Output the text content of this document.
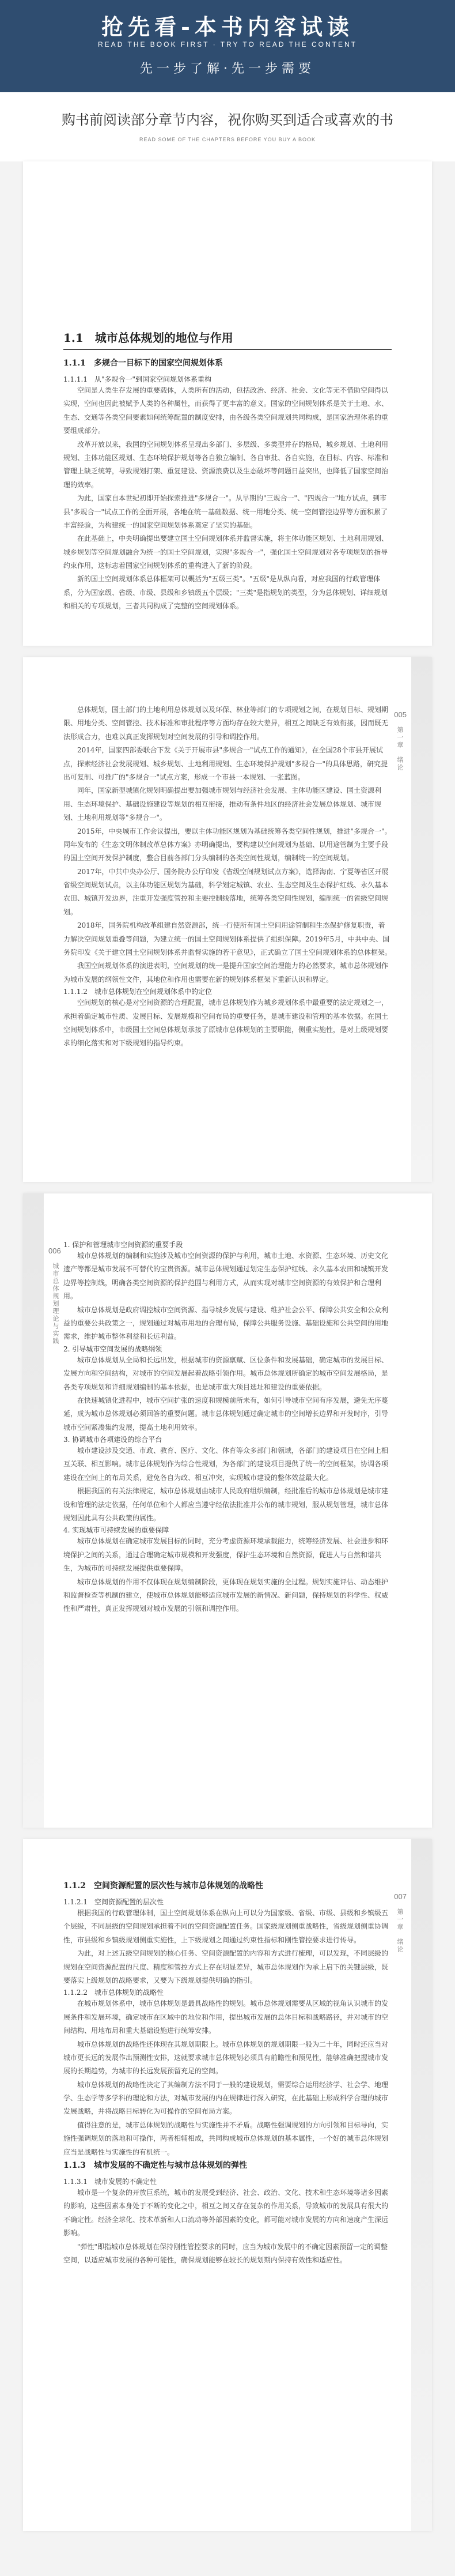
抢先看-本书内容试读
READ THE BOOK FIRST · TRY TO READ THE CONTENT
先一步了解·先一步需要
购书前阅读部分章节内容，祝你购买到适合或喜欢的书
READ SOME OF THE CHAPTERS BEFORE YOU BUY A BOOK

1.1　城市总体规划的地位与作用

1.1.1　多规合一目标下的国家空间规划体系

1.1.1.1　从"多规合一"到国家空间规划体系重构

空间是人类生存发展的重要载体，人类所有的活动，包括政治、经济、社会、文化等无不借助空间得以实现，空间也因此被赋予人类的各种属性，而获得了更丰富的意义。国家的空间规划体系是关于土地、水、生态、交通等各类空间要素如何统筹配置的制度安排，由各级各类空间规划共同构成，是国家治理体系的重要组成部分。

改革开放以来，我国的空间规划体系呈现出多部门、多层级、多类型并存的格局，城乡规划、土地利用规划、主体功能区规划、生态环境保护规划等各自独立编制、各自审批、各自实施，在目标、内容、标准和管理上缺乏统筹，导致规划打架、重复建设、资源浪费以及生态破坏等问题日益突出，也降低了国家空间治理的效率。

为此，国家自本世纪初即开始探索推进"多规合一"。从早期的"三规合一"、"四规合一"地方试点，到市县"多规合一"试点工作的全面开展，各地在统一基础数据、统一用地分类、统一空间管控边界等方面积累了丰富经验，为构建统一的国家空间规划体系奠定了坚实的基础。

在此基础上，中央明确提出要建立国土空间规划体系并监督实施，将主体功能区规划、土地利用规划、城乡规划等空间规划融合为统一的国土空间规划，实现"多规合一"，强化国土空间规划对各专项规划的指导约束作用，这标志着国家空间规划体系的重构进入了新的阶段。

新的国土空间规划体系总体框架可以概括为"五级三类"。"五级"是从纵向看，对应我国的行政管理体系，分为国家级、省级、市级、县级和乡镇级五个层级；"三类"是指规划的类型，分为总体规划、详细规划和相关的专项规划，三者共同构成了完整的空间规划体系。

005
第一章　绪论

总体规划，国土部门的土地利用总体规划以及环保、林业等部门的专项规划之间，在规划目标、规划期限、用地分类、空间管控、技术标准和审批程序等方面均存在较大差异，相互之间缺乏有效衔接，因而既无法形成合力，也难以真正发挥规划对空间发展的引导和调控作用。

2014年，国家四部委联合下发《关于开展市县"多规合一"试点工作的通知》，在全国28个市县开展试点，探索经济社会发展规划、城乡规划、土地利用规划、生态环境保护规划"多规合一"的具体思路，研究提出可复制、可推广的"多规合一"试点方案，形成一个市县一本规划、一张蓝图。

同年，国家新型城镇化规划明确提出要加强城市规划与经济社会发展、主体功能区建设、国土资源利用、生态环境保护、基础设施建设等规划的相互衔接，推动有条件地区的经济社会发展总体规划、城市规划、土地利用规划等"多规合一"。

2015年，中央城市工作会议提出，要以主体功能区规划为基础统筹各类空间性规划，推进"多规合一"。同年发布的《生态文明体制改革总体方案》亦明确提出，要构建以空间规划为基础、以用途管制为主要手段的国土空间开发保护制度，整合目前各部门分头编制的各类空间性规划，编制统一的空间规划。

2017年，中共中央办公厅、国务院办公厅印发《省级空间规划试点方案》，选择海南、宁夏等省区开展省级空间规划试点，以主体功能区规划为基础，科学划定城镇、农业、生态空间及生态保护红线、永久基本农田、城镇开发边界，注重开发强度管控和主要控制线落地，统筹各类空间性规划，编制统一的省级空间规划。

2018年，国务院机构改革组建自然资源部，统一行使所有国土空间用途管制和生态保护修复职责，着力解决空间规划重叠等问题，为建立统一的国土空间规划体系提供了组织保障。2019年5月，中共中央、国务院印发《关于建立国土空间规划体系并监督实施的若干意见》，正式确立了国土空间规划体系的总体框架。

我国空间规划体系的演进表明，空间规划的统一是提升国家空间治理能力的必然要求，城市总体规划作为城市发展的纲领性文件，其地位和作用也需要在新的规划体系框架下重新认识和界定。

1.1.1.2　城市总体规划在空间规划体系中的定位

空间规划的核心是对空间资源的合理配置，城市总体规划作为城乡规划体系中最重要的法定规划之一，承担着确定城市性质、发展目标、发展规模和空间布局的重要任务，是城市建设和管理的基本依据。在国土空间规划体系中，市级国土空间总体规划承接了原城市总体规划的主要职能，侧重实施性，是对上级规划要求的细化落实和对下级规划的指导约束。

006
城市总体规划理论与实践

1. 保护和管理城市空间资源的重要手段

城市总体规划的编制和实施涉及城市空间资源的保护与利用，城市土地、水资源、生态环境、历史文化遗产等都是城市发展不可替代的宝贵资源。城市总体规划通过划定生态保护红线、永久基本农田和城镇开发边界等控制线，明确各类空间资源的保护范围与利用方式，从而实现对城市空间资源的有效保护和合理利用。

城市总体规划是政府调控城市空间资源、指导城乡发展与建设、维护社会公平、保障公共安全和公众利益的重要公共政策之一，规划通过对城市用地的合理布局，保障公共服务设施、基础设施和公共空间的用地需求，维护城市整体利益和长远利益。

2. 引导城市空间发展的战略纲领

城市总体规划从全局和长远出发，根据城市的资源禀赋、区位条件和发展基础，确定城市的发展目标、发展方向和空间结构，对城市的空间发展起着战略引领作用。城市总体规划所确定的城市空间发展格局，是各类专项规划和详细规划编制的基本依据，也是城市重大项目选址和建设的重要依据。

在快速城镇化进程中，城市空间扩张的速度和规模前所未有，如何引导城市空间有序发展，避免无序蔓延，成为城市总体规划必须回答的重要问题。城市总体规划通过确定城市的空间增长边界和开发时序，引导城市空间紧凑集约发展，提高土地利用效率。

3. 协调城市各项建设的综合平台

城市建设涉及交通、市政、教育、医疗、文化、体育等众多部门和领域，各部门的建设项目在空间上相互关联、相互影响。城市总体规划作为综合性规划，为各部门的建设项目提供了统一的空间框架，协调各项建设在空间上的布局关系，避免各自为政、相互冲突，实现城市建设的整体效益最大化。

根据我国的有关法律规定，城市总体规划由城市人民政府组织编制，经批准后的城市总体规划是城市建设和管理的法定依据，任何单位和个人都应当遵守经依法批准并公布的城市规划，服从规划管理，城市总体规划因此具有公共政策的属性。

4. 实现城市可持续发展的重要保障

城市总体规划在确定城市发展目标的同时，充分考虑资源环境承载能力，统筹经济发展、社会进步和环境保护之间的关系，通过合理确定城市规模和开发强度，保护生态环境和自然资源，促进人与自然和谐共生，为城市的可持续发展提供重要保障。

城市总体规划的作用不仅体现在规划编制阶段，更体现在规划实施的全过程。规划实施评估、动态维护和监督检查等机制的建立，使城市总体规划能够适应城市发展的新情况、新问题，保持规划的科学性、权威性和严肃性，真正发挥规划对城市发展的引领和调控作用。

007
第一章　绪论

1.1.2　空间资源配置的层次性与城市总体规划的战略性

1.1.2.1　空间资源配置的层次性

根据我国的行政管理体制，国土空间规划体系在纵向上可以分为国家级、省级、市级、县级和乡镇级五个层级，不同层级的空间规划承担着不同的空间资源配置任务。国家级规划侧重战略性，省级规划侧重协调性，市县级和乡镇级规划侧重实施性，上下级规划之间通过约束性指标和刚性管控要求进行传导。

为此，对上述五级空间规划的核心任务、空间资源配置的内容和方式进行梳理，可以发现，不同层级的规划在空间资源配置的尺度、精度和管控方式上存在明显差异，城市总体规划作为承上启下的关键层级，既要落实上级规划的战略要求，又要为下级规划提供明确的指引。

1.1.2.2　城市总体规划的战略性

在城市规划体系中，城市总体规划是最具战略性的规划。城市总体规划需要从区域的视角认识城市的发展条件和发展环境，确定城市在区域中的地位和作用，提出城市发展的总体目标和战略路径，并对城市的空间结构、用地布局和重大基础设施进行统筹安排。

城市总体规划的战略性还体现在其规划期限上。城市总体规划的规划期限一般为二十年，同时还应当对城市更长远的发展作出预测性安排，这就要求城市总体规划必须具有前瞻性和预见性，能够准确把握城市发展的长期趋势，为城市的长远发展预留充足的空间。

城市总体规划的战略性决定了其编制方法不同于一般的建设规划，需要综合运用经济学、社会学、地理学、生态学等多学科的理论和方法，对城市发展的内在规律进行深入研究，在此基础上形成科学合理的城市发展战略，并将战略目标转化为可操作的空间布局方案。

值得注意的是，城市总体规划的战略性与实施性并不矛盾。战略性强调规划的方向引领和目标导向，实施性强调规划的落地和可操作，两者相辅相成，共同构成城市总体规划的基本属性，一个好的城市总体规划应当是战略性与实施性的有机统一。

1.1.3　城市发展的不确定性与城市总体规划的弹性

1.1.3.1　城市发展的不确定性

城市是一个复杂的开放巨系统，城市的发展受到经济、社会、政治、文化、技术和生态环境等诸多因素的影响，这些因素本身处于不断的变化之中，相互之间又存在复杂的作用关系，导致城市的发展具有很大的不确定性。经济全球化、技术革新和人口流动等外部因素的变化，都可能对城市发展的方向和速度产生深远影响。

"弹性"即指城市总体规划在保持刚性管控要求的同时，应当为城市发展中的不确定因素预留一定的调整空间，以适应城市发展的各种可能性，确保规划能够在较长的规划期内保持有效性和适应性。
